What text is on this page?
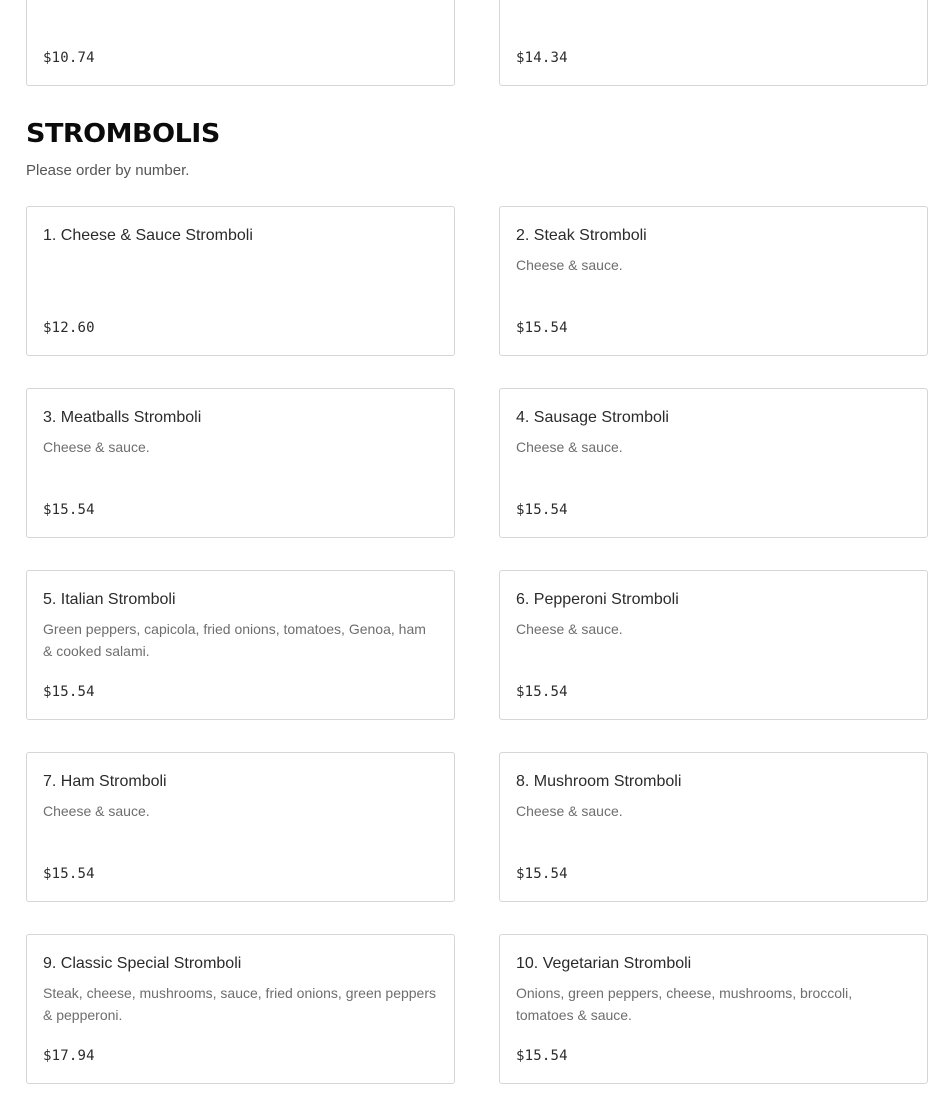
$10.74	$14.34
STROMBOLIS

Please order by number.

1. Cheese & Sauce Stromboli
$12.60
2. Steak Stromboli
Cheese & sauce.
$15.54
3. Meatballs Stromboli
Cheese & sauce.
$15.54
4. Sausage Stromboli
Cheese & sauce.
$15.54
5. Italian Stromboli
Green peppers, capicola, fried onions, tomatoes, Genoa, ham & cooked salami.
$15.54
6. Pepperoni Stromboli
Cheese & sauce.
$15.54
7. Ham Stromboli
Cheese & sauce.
$15.54
8. Mushroom Stromboli
Cheese & sauce.
$15.54
9. Classic Special Stromboli
Steak, cheese, mushrooms, sauce, fried onions, green peppers & pepperoni.
$17.94
10. Vegetarian Stromboli
Onions, green peppers, cheese, mushrooms, broccoli, tomatoes & sauce.
$15.54
